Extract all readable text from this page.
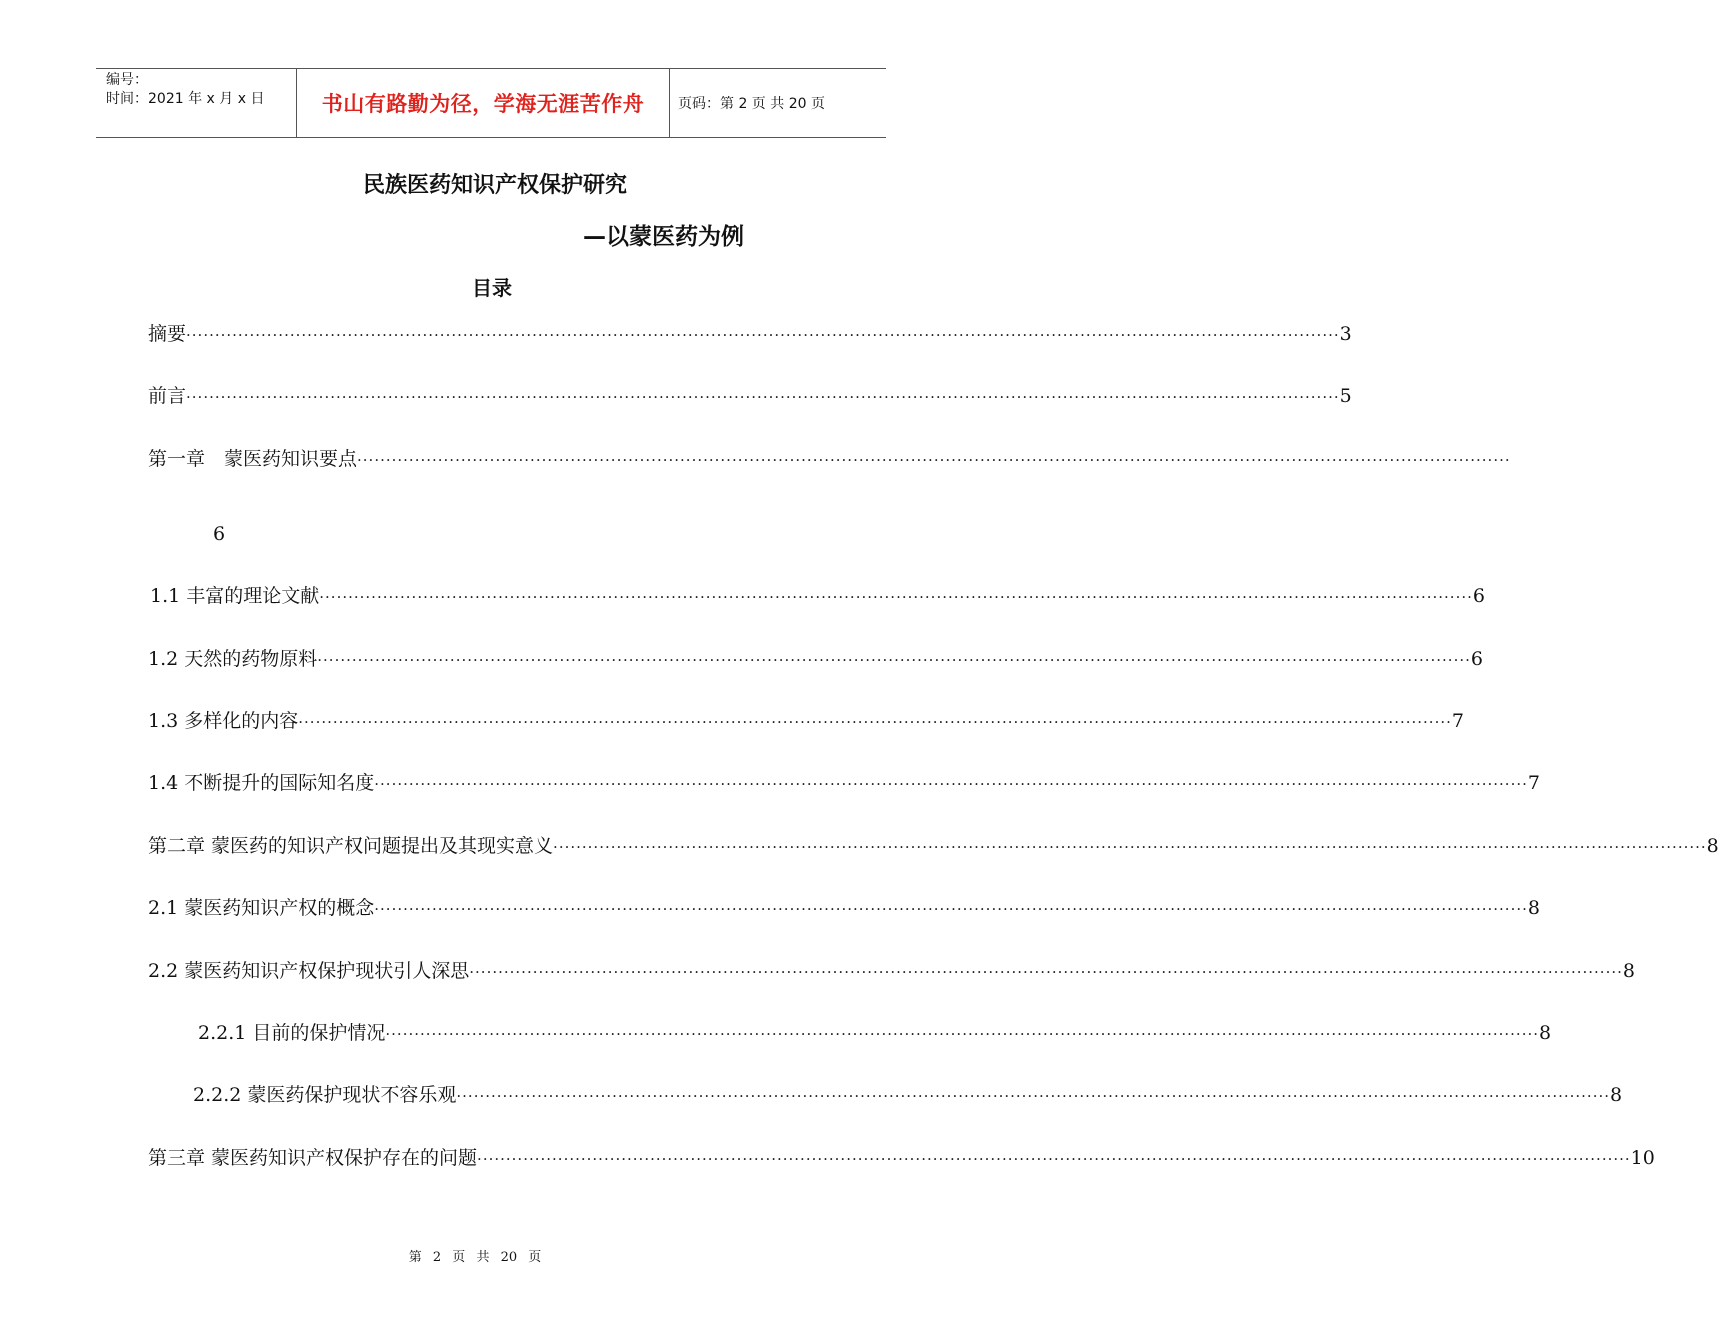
编号：
时间：2021 年 x 月 x 日	书山有路勤为径，学海无涯苦作舟	页码：第 2 页 共 20 页
民族医药知识产权保护研究
—以蒙医药为例
目录
摘要 ········································································································································································································ 3
前言 ········································································································································································································ 5
第一章　蒙医药知识要点 ········································································································································································································
6
1.1 丰富的理论文献 ········································································································································································································ 6
1.2 天然的药物原料 ········································································································································································································ 6
1.3 多样化的内容 ········································································································································································································ 7
1.4 不断提升的国际知名度 ········································································································································································································ 7
第二章 蒙医药的知识产权问题提出及其现实意义 ········································································································································································································ 8
2.1 蒙医药知识产权的概念 ········································································································································································································ 8
2.2 蒙医药知识产权保护现状引人深思 ········································································································································································································ 8
2.2.1 目前的保护情况 ········································································································································································································ 8
2.2.2 蒙医药保护现状不容乐观 ········································································································································································································ 8
第三章 蒙医药知识产权保护存在的问题 ········································································································································································································ 10
第 2 页 共 20 页
